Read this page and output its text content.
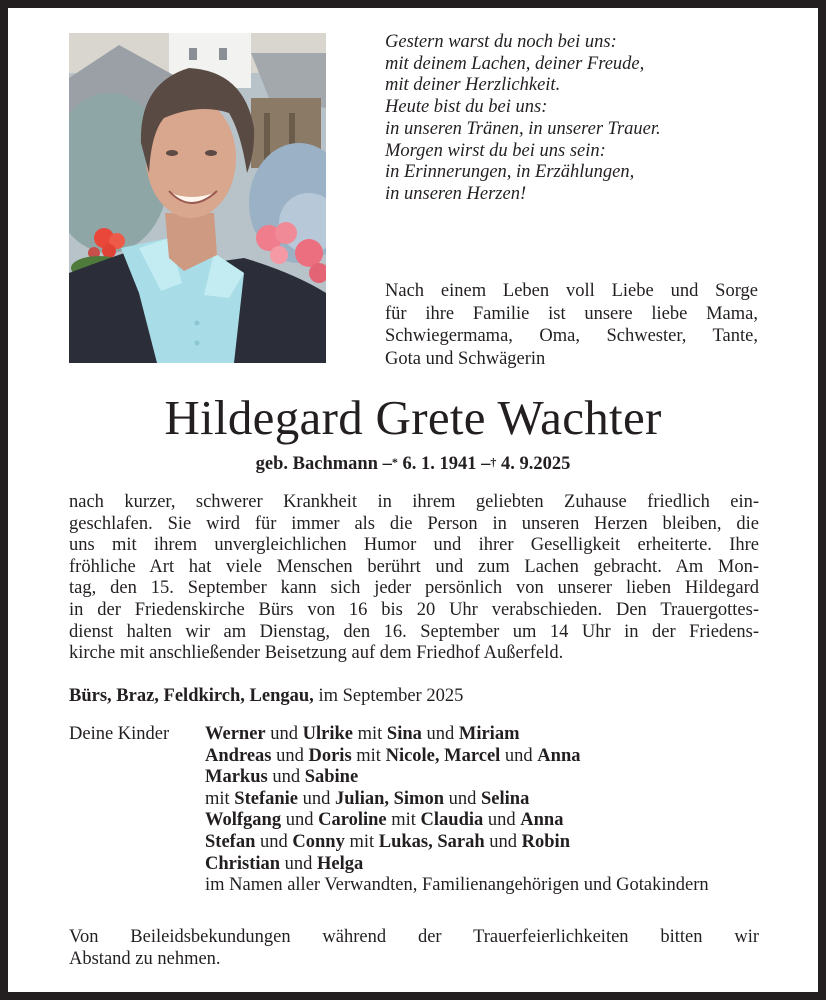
Gestern warst du noch bei uns:
mit deinem Lachen, deiner Freude,
mit deiner Herzlichkeit.
Heute bist du bei uns:
in unseren Tränen, in unserer Trauer.
Morgen wirst du bei uns sein:
in Erinnerungen, in Erzählungen,
in unseren Herzen!
Nach einem Leben voll Liebe und Sorge
für ihre Familie ist unsere liebe Mama,
Schwiegermama, Oma, Schwester, Tante,
Gota und Schwägerin
Hildegard Grete Wachter
geb. Bachmann –* 6. 1. 1941 –† 4. 9.2025
nach kurzer, schwerer Krankheit in ihrem geliebten Zuhause friedlich ein-
geschlafen. Sie wird für immer als die Person in unseren Herzen bleiben, die
uns mit ihrem unvergleichlichen Humor und ihrer Geselligkeit erheiterte. Ihre
fröhliche Art hat viele Menschen berührt und zum Lachen gebracht. Am Mon-
tag, den 15. September kann sich jeder persönlich von unserer lieben Hildegard
in der Friedenskirche Bürs von 16 bis 20 Uhr verabschieden. Den Trauergottes-
dienst halten wir am Dienstag, den 16. September um 14 Uhr in der Friedens-
kirche mit anschließender Beisetzung auf dem Friedhof Außerfeld.
Bürs, Braz, Feldkirch, Lengau, im September 2025
Deine Kinder Werner und Ulrike mit Sina und Miriam
Andreas und Doris mit Nicole, Marcel und Anna
Markus und Sabine
mit Stefanie und Julian, Simon und Selina
Wolfgang und Caroline mit Claudia und Anna
Stefan und Conny mit Lukas, Sarah und Robin
Christian und Helga
im Namen aller Verwandten, Familienangehörigen und Gotakindern
Von Beileidsbekundungen während der Trauerfeierlichkeiten bitten wir
Abstand zu nehmen.
